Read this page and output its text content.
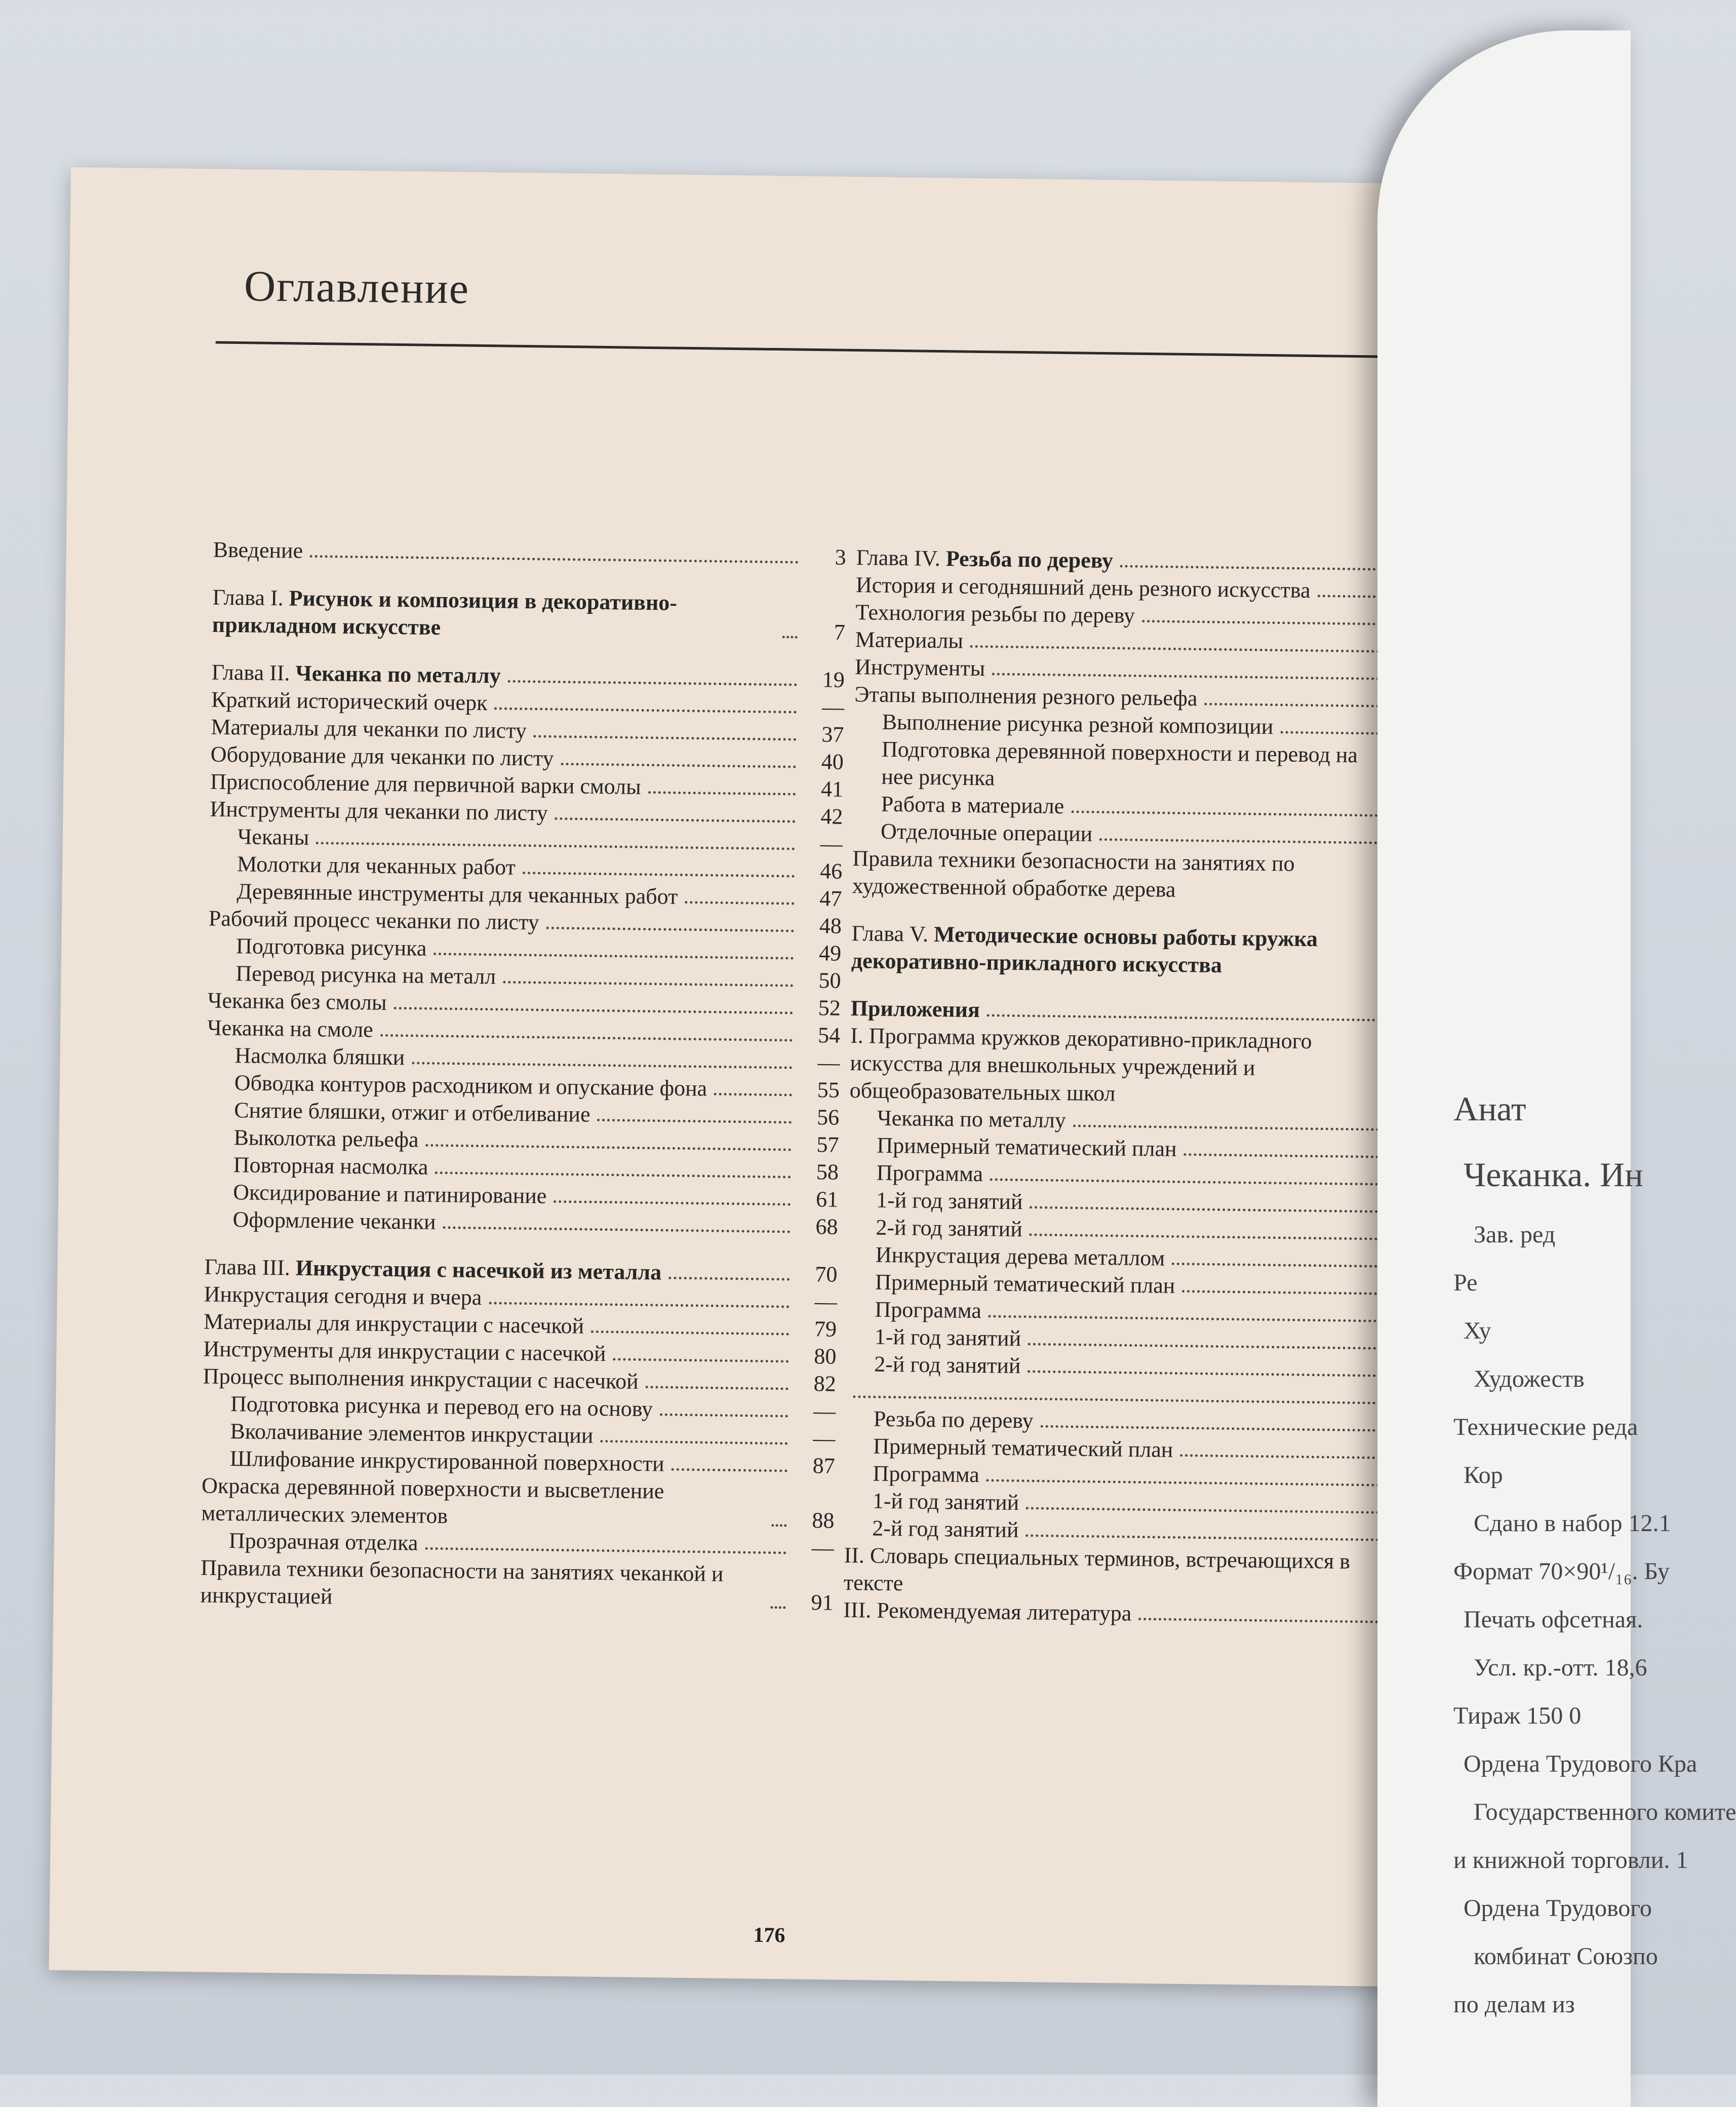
Оглавление
Введение	3
Глава I. Рисунок и композиция в декоративно-прикладном искусстве	7
Глава II. Чеканка по металлу	19
Краткий исторический очерк	—
Материалы для чеканки по листу	37
Оборудование для чеканки по листу	40
Приспособление для первичной варки смолы	41
Инструменты для чеканки по листу	42
Чеканы	—
Молотки для чеканных работ	46
Деревянные инструменты для чеканных работ	47
Рабочий процесс чеканки по листу	48
Подготовка рисунка	49
Перевод рисунка на металл	50
Чеканка без смолы	52
Чеканка на смоле	54
Насмолка бляшки	—
Обводка контуров расходником и опускание фона	55
Снятие бляшки, отжиг и отбеливание	56
Выколотка рельефа	57
Повторная насмолка	58
Оксидирование и патинирование	61
Оформление чеканки	68
Глава III. Инкрустация с насечкой из металла	70
Инкрустация сегодня и вчера	—
Материалы для инкрустации с насечкой	79
Инструменты для инкрустации с насечкой	80
Процесс выполнения инкрустации с насечкой	82
Подготовка рисунка и перевод его на основу	—
Вколачивание элементов инкрустации	—
Шлифование инкрустированной поверхности	87
Окраска деревянной поверхности и высветление металлических элементов	88
Прозрачная отделка	—
Правила техники безопасности на занятиях чеканкой и инкрустацией	91
Глава IV. Резьба по дереву
История и сегодняшний день резного искусства
Технология резьбы по дереву
Материалы
Инструменты
Этапы выполнения резного рельефа
Выполнение рисунка резной композиции
Подготовка деревянной поверхности и перевод на нее рисунка
Работа в материале
Отделочные операции
Правила техники безопасности на занятиях по художественной обработке дерева
Глава V. Методические основы работы кружка декоративно-прикладного искусства
Приложения
I. Программа кружков декоративно-прикладного искусства для внешкольных учреждений и общеобразовательных школ
Чеканка по металлу
Примерный тематический план
Программа
1-й год занятий
2-й год занятий
Инкрустация дерева металлом
Примерный тематический план
Программа
1-й год занятий
2-й год занятий
Резьба по дереву
Примерный тематический план
Программа
1-й год занятий
2-й год занятий
II. Словарь специальных терминов, встречающихся в тексте
III. Рекомендуемая литература
176
Анат
Чеканка. Ин
Зав. ред
Ре
Ху
Художеств
Технические реда
Кор
Сдано в набор 12.1
Формат 70×90¹/₁₆. Бу
Печать офсетная.
Усл. кр.-отт. 18,6
Тираж 150 0
Ордена Трудового Кра
Государственного комите
и книжной торговли. 1
Ордена Трудового
комбинат Союзпо
по делам из
